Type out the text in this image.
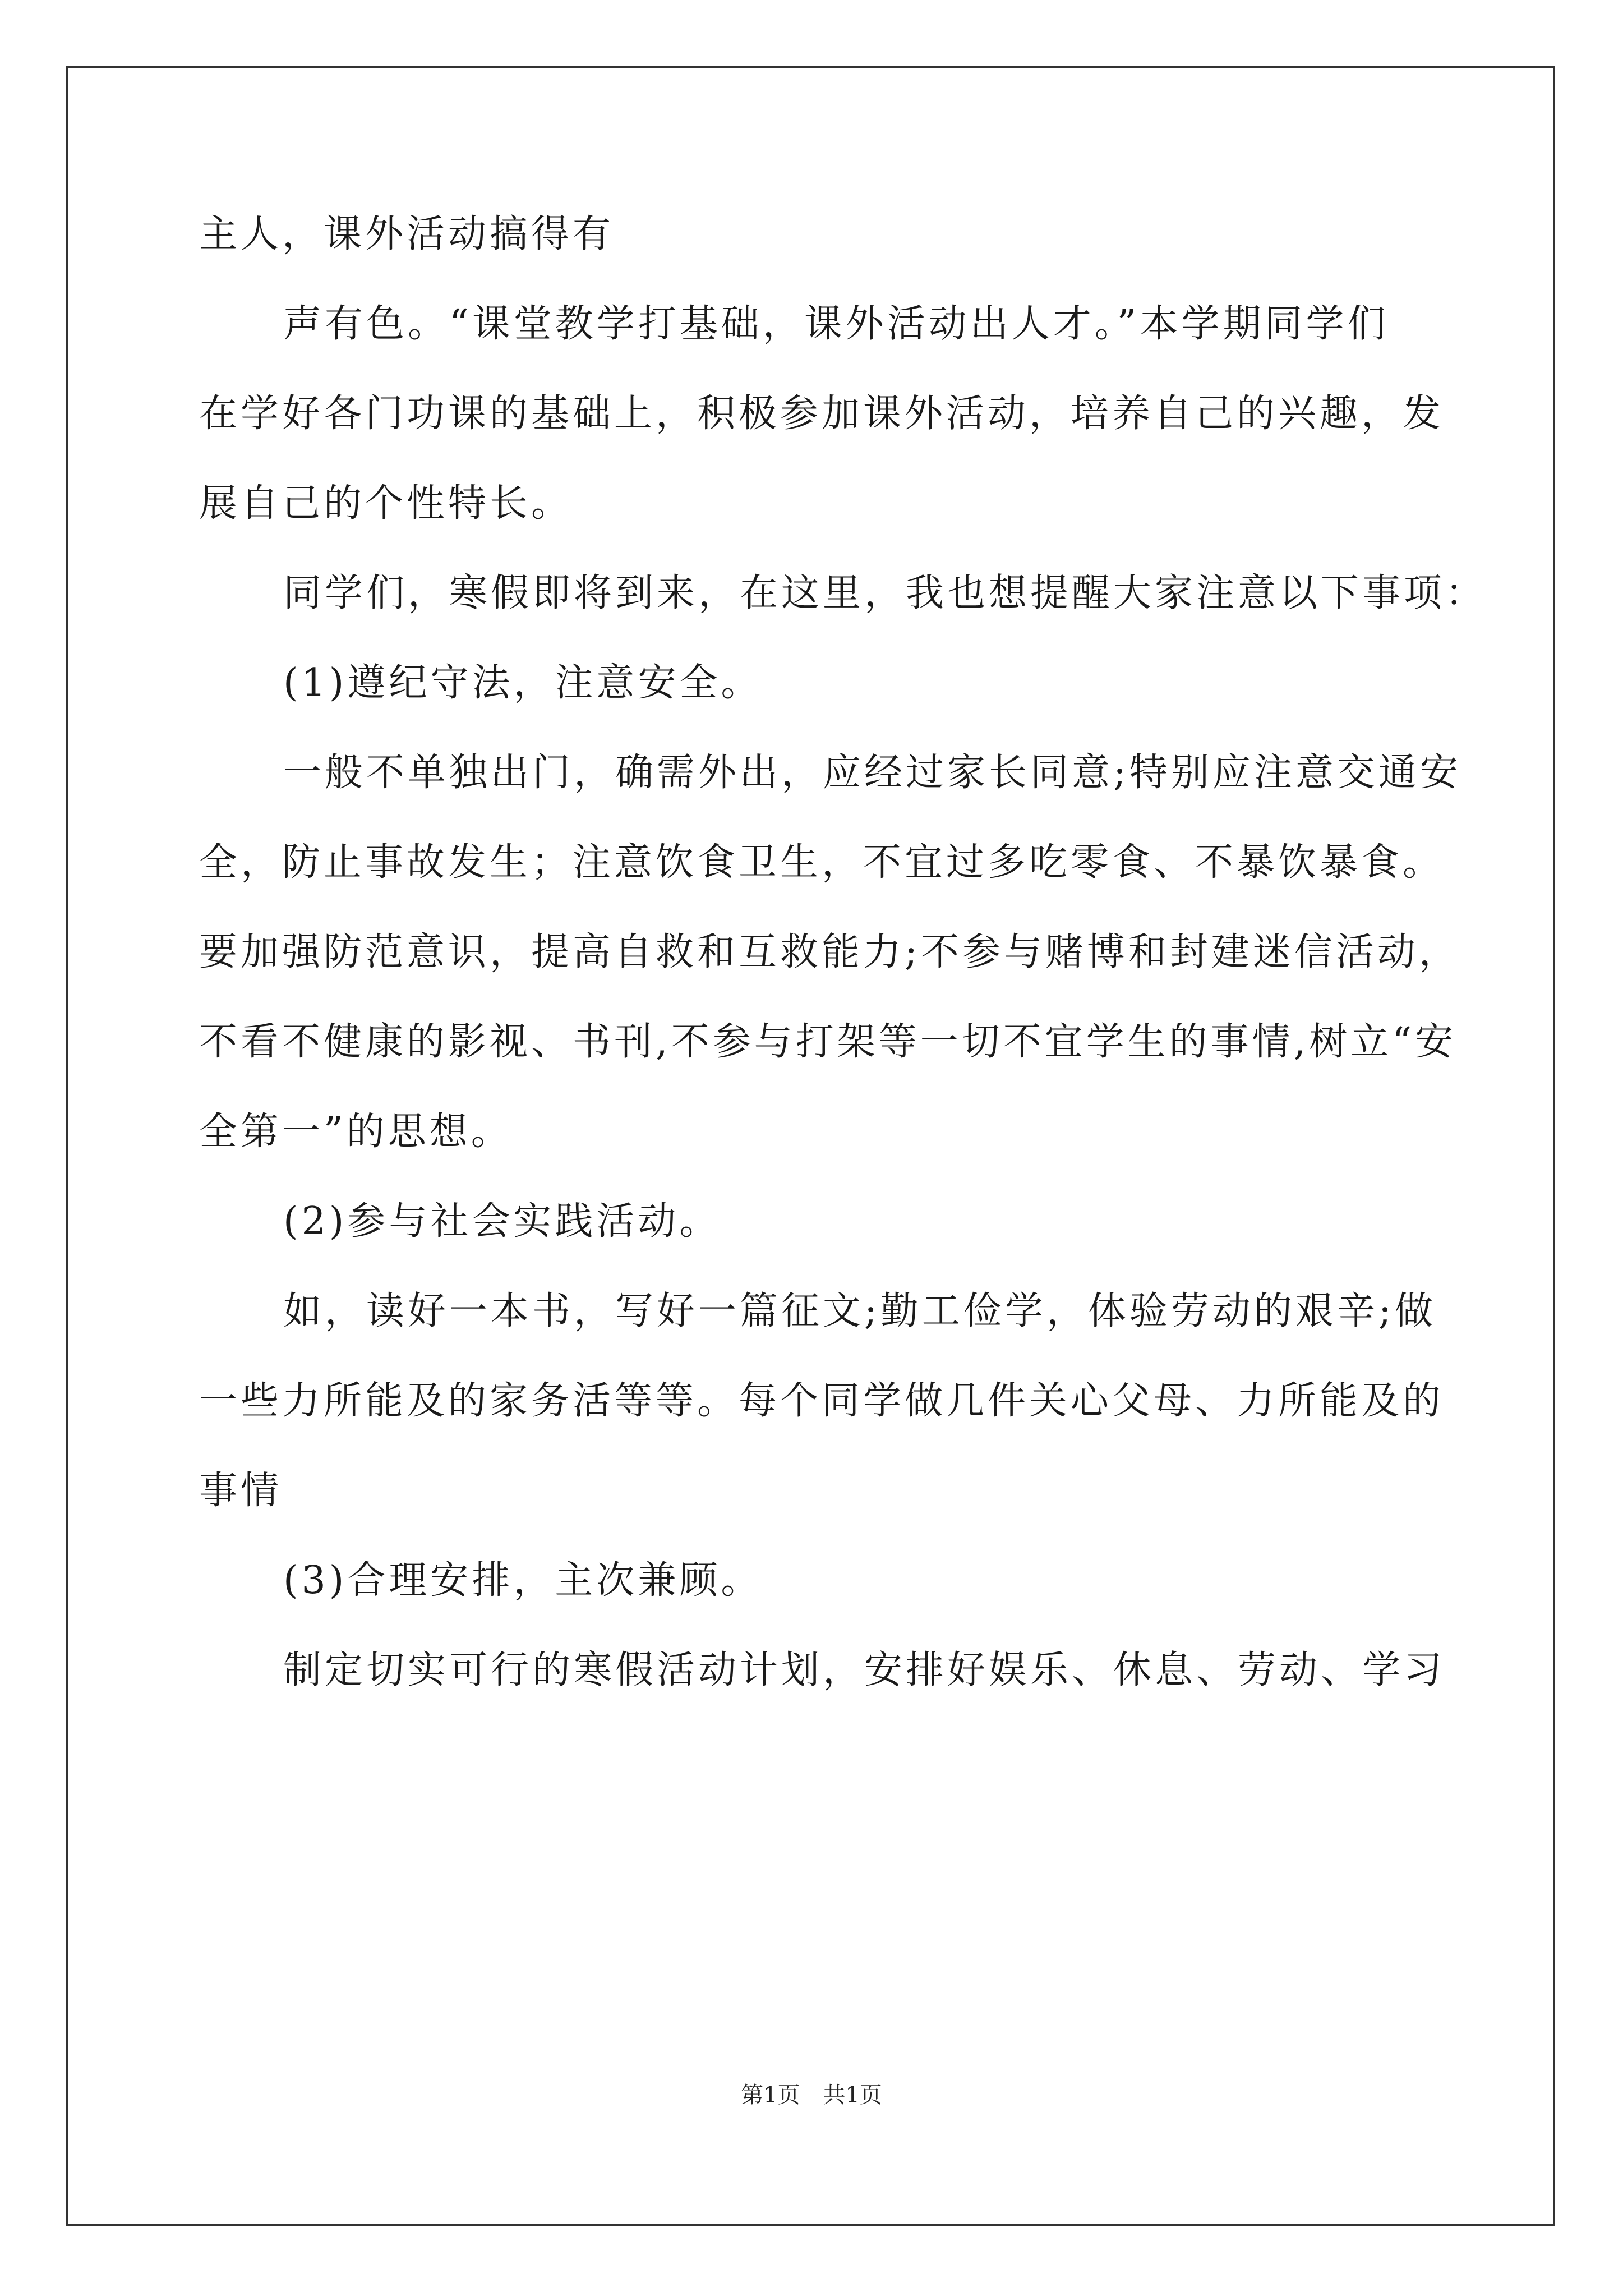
主人，课外活动搞得有
声有色。“课堂教学打基础，课外活动出人才。”本学期同学们
在学好各门功课的基础上，积极参加课外活动，培养自己的兴趣，发
展自己的个性特长。
同学们，寒假即将到来，在这里，我也想提醒大家注意以下事项：
(1)遵纪守法，注意安全。
一般不单独出门，确需外出，应经过家长同意;特别应注意交通安
全，防止事故发生；注意饮食卫生，不宜过多吃零食、不暴饮暴食。
要加强防范意识，提高自救和互救能力;不参与赌博和封建迷信活动，
不看不健康的影视、书刊,不参与打架等一切不宜学生的事情,树立“安
全第一”的思想。
(2)参与社会实践活动。
如，读好一本书，写好一篇征文;勤工俭学，体验劳动的艰辛;做
一些力所能及的家务活等等。每个同学做几件关心父母、力所能及的
事情
(3)合理安排，主次兼顾。
制定切实可行的寒假活动计划，安排好娱乐、休息、劳动、学习
第1页 共1页
